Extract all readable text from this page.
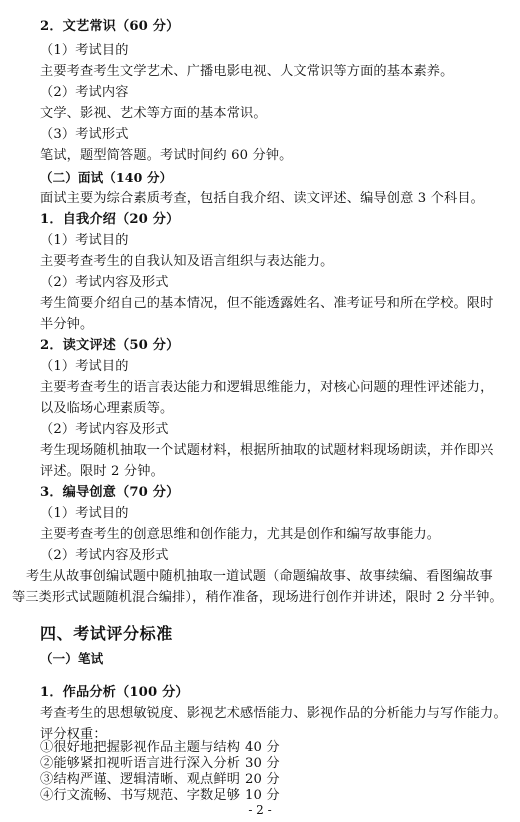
2．文艺常识（60 分）
（1）考试目的
主要考查考生文学艺术、广播电影电视、人文常识等方面的基本素养。
（2）考试内容
文学、影视、艺术等方面的基本常识。
（3）考试形式
笔试，题型简答题。考试时间约 60 分钟。
（二）面试（140 分）
面试主要为综合素质考查，包括自我介绍、读文评述、编导创意 3 个科目。
1．自我介绍（20 分）
（1）考试目的
主要考查考生的自我认知及语言组织与表达能力。
（2）考试内容及形式
考生简要介绍自己的基本情况，但不能透露姓名、准考证号和所在学校。限时
半分钟。
2．读文评述（50 分）
（1）考试目的
主要考查考生的语言表达能力和逻辑思维能力，对核心问题的理性评述能力，
以及临场心理素质等。
（2）考试内容及形式
考生现场随机抽取一个试题材料，根据所抽取的试题材料现场朗读，并作即兴
评述。限时 2 分钟。
3．编导创意（70 分）
（1）考试目的
主要考查考生的创意思维和创作能力，尤其是创作和编写故事能力。
（2）考试内容及形式
考生从故事创编试题中随机抽取一道试题（命题编故事、故事续编、看图编故事
等三类形式试题随机混合编排），稍作准备，现场进行创作并讲述，限时 2 分半钟。
四、考试评分标准
（一）笔试
1．作品分析（100 分）
考查考生的思想敏锐度、影视艺术感悟能力、影视作品的分析能力与写作能力。
评分权重：
①很好地把握影视作品主题与结构 40 分
②能够紧扣视听语言进行深入分析 30 分
③结构严谨、逻辑清晰、观点鲜明 20 分
④行文流畅、书写规范、字数足够 10 分
- 2 -
